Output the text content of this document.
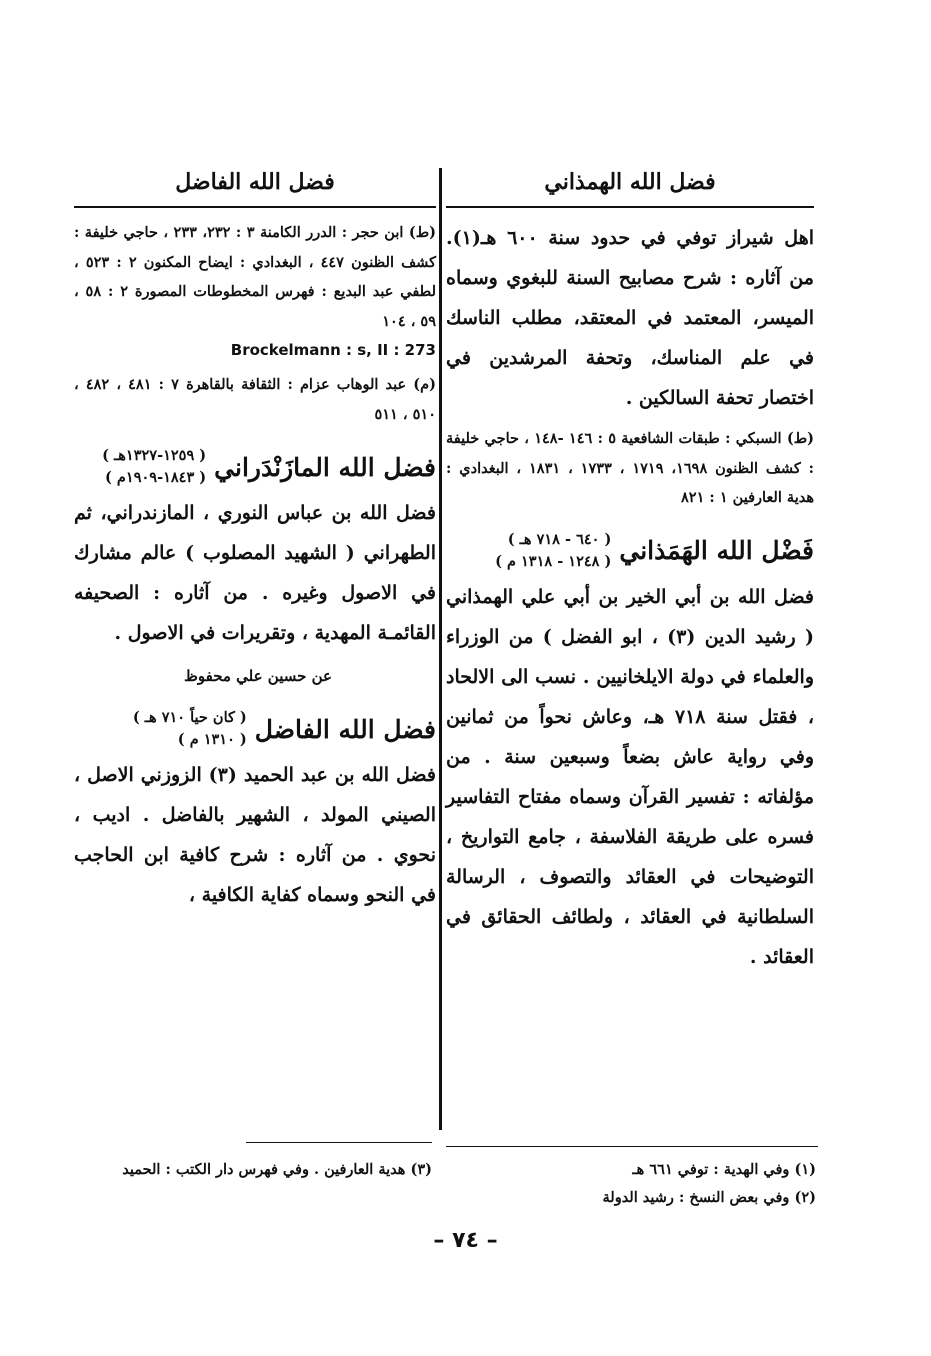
فضل الله الهمذاني

اهل شيراز توفي في حدود سنة ٦٠٠ هـ(١). من آثاره : شرح مصابيح السنة للبغوي وسماه الميسر، المعتمد في المعتقد، مطلب الناسك في علم المناسك، وتحفة المرشدين في اختصار تحفة السالكين .

(ط) السبكي : طبقات الشافعية ٥ : ١٤٦ -١٤٨ ، حاجي خليفة : كشف الظنون ١٦٩٨، ١٧١٩ ، ١٧٣٣ ، ١٨٣١ ، البغدادي : هدية العارفين ١ : ٨٢١

فَضْل الله الهَمَذاني
( ٦٤٠ - ٧١٨ هـ )
( ١٢٤٨ - ١٣١٨ م )

فضل الله بن أبي الخير بن أبي علي الهمذاني ( رشيد الدين (٣) ، ابو الفضل ) من الوزراء والعلماء في دولة الايلخانيين . نسب الى الالحاد ، فقتل سنة ٧١٨ هـ، وعاش نحواً من ثمانين وفي رواية عاش بضعاً وسبعين سنة . من مؤلفاته : تفسير القرآن وسماه مفتاح التفاسير فسره على طريقة الفلاسفة ، جامع التواريخ ، التوضيحات في العقائد والتصوف ، الرسالة السلطانية في العقائد ، ولطائف الحقائق في العقائد .

فضل الله الفاضل

(ط) ابن حجر : الدرر الكامنة ٣ : ٢٣٢، ٢٣٣ ، حاجي خليفة : كشف الظنون ٤٤٧ ، البغدادي : ايضاح المكنون ٢ : ٥٢٣ ، لطفي عبد البديع : فهرس المخطوطات المصورة ٢ : ٥٨ ، ٥٩ ، ١٠٤

Brockelmann : s, II : 273

(م) عبد الوهاب عزام : الثقافة بالقاهرة ٧ : ٤٨١ ، ٤٨٢ ، ٥١٠ ، ٥١١

فضل الله المازَنْدَراني
( ١٢٥٩-١٣٢٧هـ )
( ١٨٤٣-١٩٠٩م )

فضل الله بن عباس النوري ، المازندراني، ثم الطهراني ( الشهيد المصلوب ) عالم مشارك في الاصول وغيره . من آثاره : الصحيفه القائمـة المهدية ، وتقريرات في الاصول .

عن حسين علي محفوظ
فضل الله الفاضل
( كان حياً ٧١٠ هـ )
( ١٣١٠ م )

فضل الله بن عبد الحميد (٣) الزوزني الاصل ، الصيني المولد ، الشهير بالفاضل . اديب ، نحوي . من آثاره : شرح كافية ابن الحاجب في النحو وسماه كفاية الكافية ،

(١) وفي الهدية : توفي ٦٦١ هـ
(٢) وفي بعض النسخ : رشيد الدولة
(٣) هدية العارفين . وفي فهرس دار الكتب : الحميد
– ٧٤ –
